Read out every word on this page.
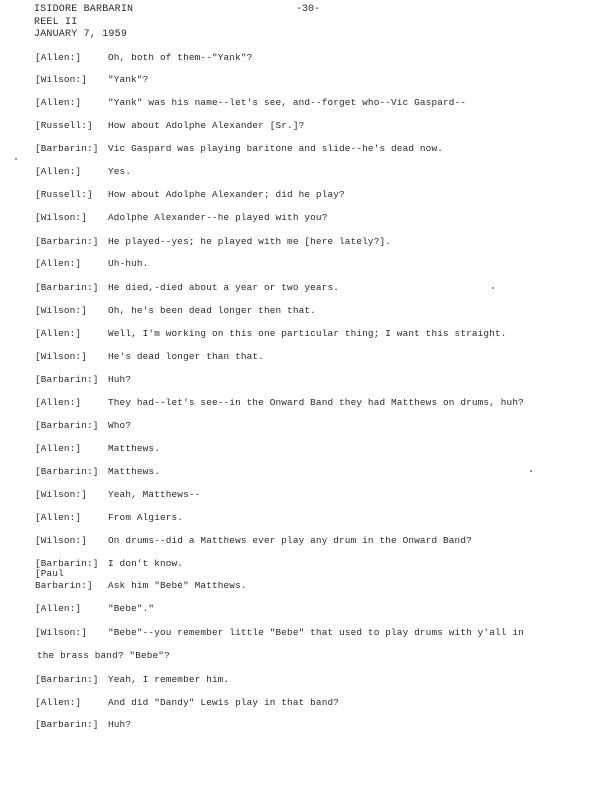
ISIDORE BARBARIN
REEL II
JANUARY 7, 1959
-30-
[Allen:]	Oh, both of them--"Yank"?
[Wilson:] "Yank"?
[Allen:]	"Yank" was his name--let's see, and--forget who--Vic Gaspard--
[Russell:] How about Adolphe Alexander [Sr.]?
[Barbarin:] Vic Gaspard was playing baritone and slide--he's dead now.
[Allen:]	Yes.
[Russell:] How about Adolphe Alexander; did he play?
[Wilson:] Adolphe Alexander--he played with you?
[Barbarin:] He played--yes; he played with me [here lately?].
[Allen:]	Uh-huh.
[Barbarin:] He died,-died about a year or two years.
[Wilson:] Oh, he's been dead longer then that.
[Allen:]	Well, I'm working on this one particular thing; I want this straight.
[Wilson:] He's dead longer than that.
[Barbarin:] Huh?
[Allen:]	They had--let's see--in the Onward Band they had Matthews on drums, huh?
[Barbarin:] Who?
[Allen:]	Matthews.
[Barbarin:] Matthews.
[Wilson:] Yeah, Matthews--
[Allen:]	From Algiers.
[Wilson:] On drums--did a Matthews ever play any drum in the Onward Band?
[Barbarin:] I don't know.
[Paul
Barbarin:] Ask him "Bebé" Matthews.
[Allen:]	"Bebe"."
[Wilson:] "Bebe"--you remember little "Bebe" that used to play drums with y'all in
the brass band? "Bebe"?
[Barbarin:] Yeah, I remember him.
[Allen:]	And did "Dandy" Lewis play in that band?
[Barbarin:] Huh?
